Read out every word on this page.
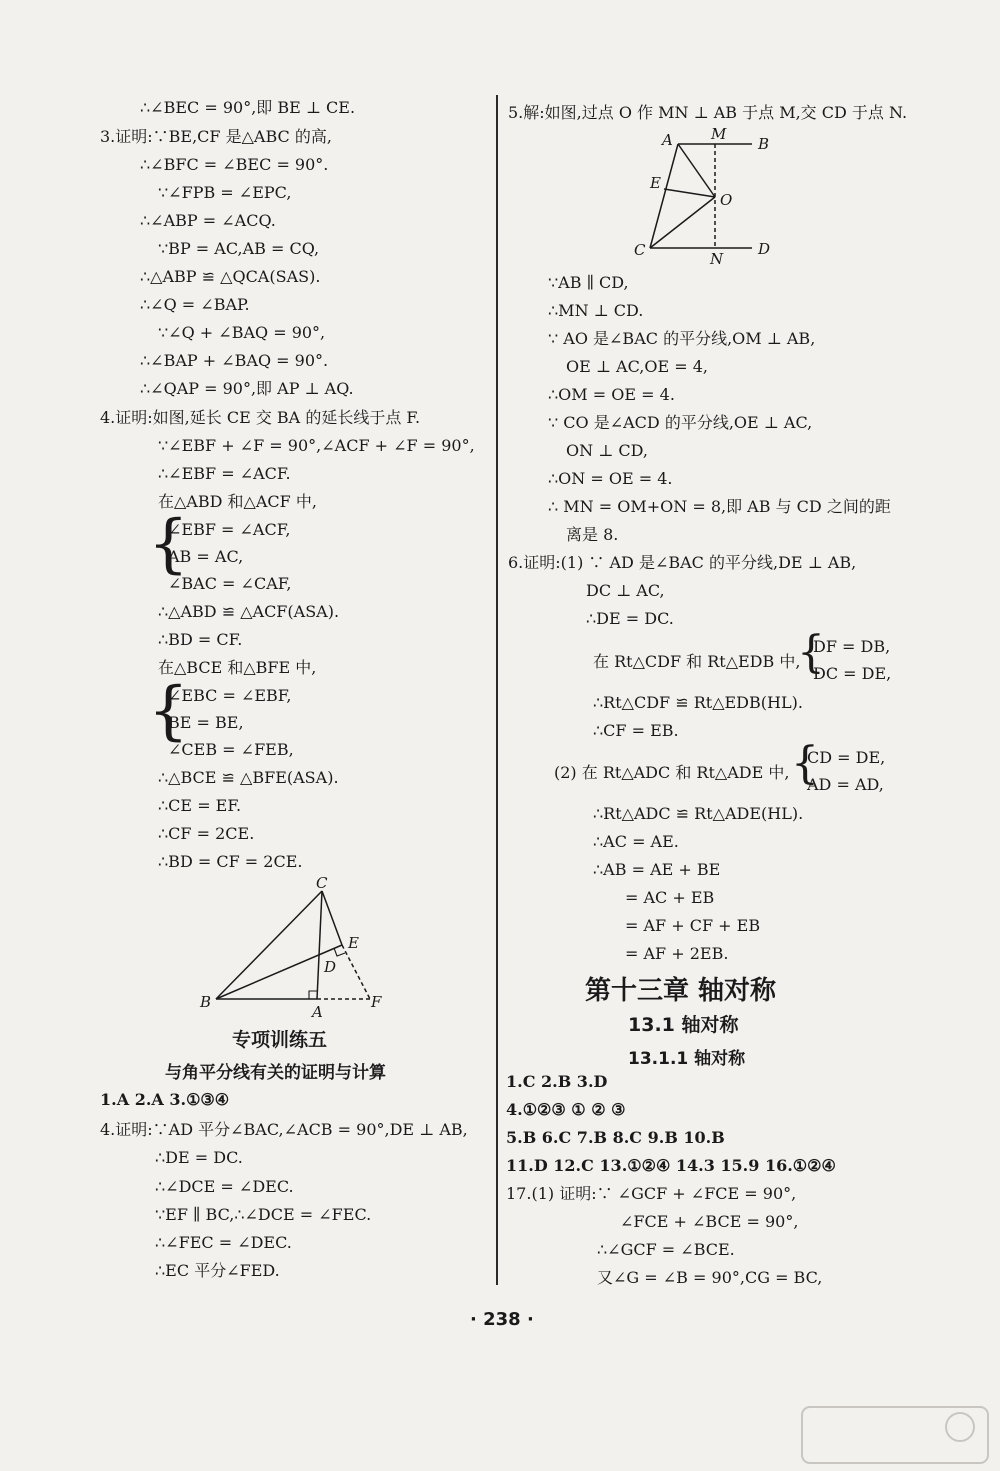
∴∠BEC = 90°,即 BE ⊥ CE.
3.证明:∵BE,CF 是△ABC 的高,
∴∠BFC = ∠BEC = 90°.
∵∠FPB = ∠EPC,
∴∠ABP = ∠ACQ.
∵BP = AC,AB = CQ,
∴△ABP ≌ △QCA(SAS).
∴∠Q = ∠BAP.
∵∠Q + ∠BAQ = 90°,
∴∠BAP + ∠BAQ = 90°.
∴∠QAP = 90°,即 AP ⊥ AQ.
4.证明:如图,延长 CE 交 BA 的延长线于点 F.
∵∠EBF + ∠F = 90°,∠ACF + ∠F = 90°,
∴∠EBF = ∠ACF.
在△ABD 和△ACF 中,
{
∠EBF = ∠ACF,
AB = AC,
∠BAC = ∠CAF,
∴△ABD ≌ △ACF(ASA).
∴BD = CF.
在△BCE 和△BFE 中,
{
∠EBC = ∠EBF,
BE = BE,
∠CEB = ∠FEB,
∴△BCE ≌ △BFE(ASA).
∴CE = EF.
∴CF = 2CE.
∴BD = CF = 2CE.
C
E
D
B
A
F
专项训练五
与角平分线有关的证明与计算
1.A 2.A 3.①③④
4.证明:∵AD 平分∠BAC,∠ACB = 90°,DE ⊥ AB,
∴DE = DC.
∴∠DCE = ∠DEC.
∵EF ∥ BC,∴∠DCE = ∠FEC.
∴∠FEC = ∠DEC.
∴EC 平分∠FED.
5.解:如图,过点 O 作 MN ⊥ AB 于点 M,交 CD 于点 N.
A	M
B
E
O
C	N
D
∵AB ∥ CD,
∴MN ⊥ CD.
∵ AO 是∠BAC 的平分线,OM ⊥ AB,
OE ⊥ AC,OE = 4,
∴OM = OE = 4.
∵ CO 是∠ACD 的平分线,OE ⊥ AC,
ON ⊥ CD,
∴ON = OE = 4.
∴ MN = OM+ON = 8,即 AB 与 CD 之间的距
离是 8.
6.证明:(1) ∵ AD 是∠BAC 的平分线,DE ⊥ AB,
DC ⊥ AC,
∴DE = DC.
在 Rt△CDF 和 Rt△EDB 中,
{
DF = DB,
DC = DE,
∴Rt△CDF ≌ Rt△EDB(HL).
∴CF = EB.
(2) 在 Rt△ADC 和 Rt△ADE 中, {
CD = DE,
AD = AD,
∴Rt△ADC ≌ Rt△ADE(HL).
∴AC = AE.
∴AB = AE + BE
= AC + EB
= AF + CF + EB
= AF + 2EB.
第十三章 轴对称
13.1 轴对称
13.1.1 轴对称
1.C 2.B 3.D
4.①②③ ① ② ③
5.B 6.C 7.B 8.C 9.B 10.B
11.D 12.C 13.①②④ 14.3 15.9 16.①②④
17.(1) 证明:∵ ∠GCF + ∠FCE = 90°,
∠FCE + ∠BCE = 90°,
∴∠GCF = ∠BCE.
又∠G = ∠B = 90°,CG = BC,
· 238 ·
